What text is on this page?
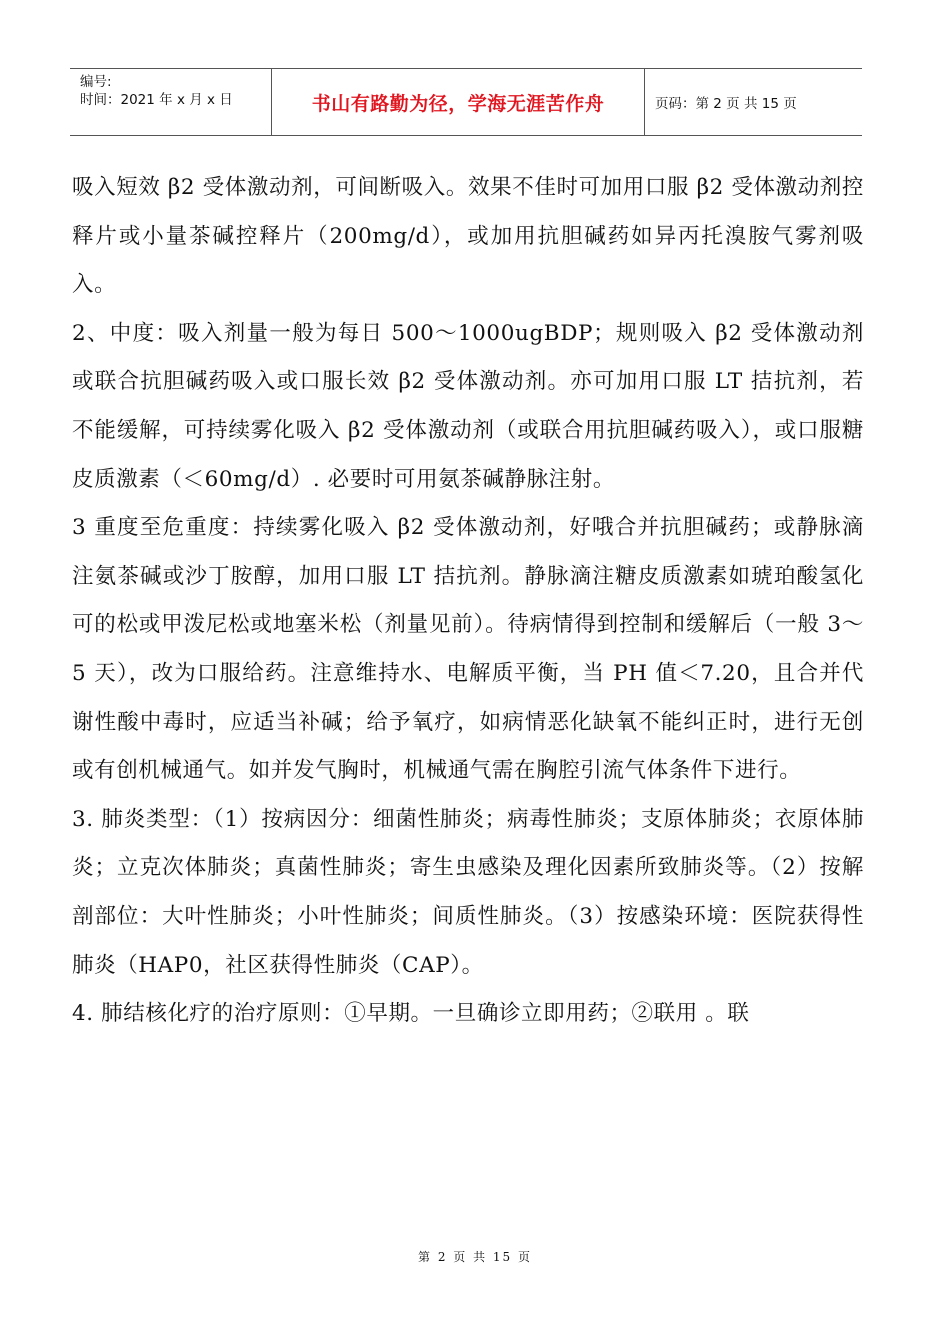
编号:
时间：2021 年 x 月 x 日	书山有路勤为径，学海无涯苦作舟	页码：第 2 页 共 15 页

吸入短效 β2 受体激动剂，可间断吸入。效果不佳时可加用口服 β2 受体激动剂控释片或小量茶碱控释片（200mg/d），或加用抗胆碱药如异丙托溴胺气雾剂吸入。

2、中度：吸入剂量一般为每日 500～1000ugBDP；规则吸入 β2 受体激动剂或联合抗胆碱药吸入或口服长效 β2 受体激动剂。亦可加用口服 LT 拮抗剂，若不能缓解，可持续雾化吸入 β2 受体激动剂（或联合用抗胆碱药吸入），或口服糖皮质激素（＜60mg/d）. 必要时可用氨茶碱静脉注射。

3 重度至危重度：持续雾化吸入 β2 受体激动剂，好哦合并抗胆碱药；或静脉滴注氨茶碱或沙丁胺醇，加用口服 LT 拮抗剂。静脉滴注糖皮质激素如琥珀酸氢化可的松或甲泼尼松或地塞米松（剂量见前）。待病情得到控制和缓解后（一般 3～5 天），改为口服给药。注意维持水、电解质平衡，当 PH 值＜7.20，且合并代谢性酸中毒时，应适当补碱；给予氧疗，如病情恶化缺氧不能纠正时，进行无创或有创机械通气。如并发气胸时，机械通气需在胸腔引流气体条件下进行。

3. 肺炎类型：（1）按病因分：细菌性肺炎；病毒性肺炎；支原体肺炎；衣原体肺炎；立克次体肺炎；真菌性肺炎；寄生虫感染及理化因素所致肺炎等。（2）按解剖部位：大叶性肺炎；小叶性肺炎；间质性肺炎。（3）按感染环境：医院获得性肺炎（HAP0，社区获得性肺炎（CAP）。

4. 肺结核化疗的治疗原则：①早期。一旦确诊立即用药；②联用 。联

第 2 页 共 15 页
